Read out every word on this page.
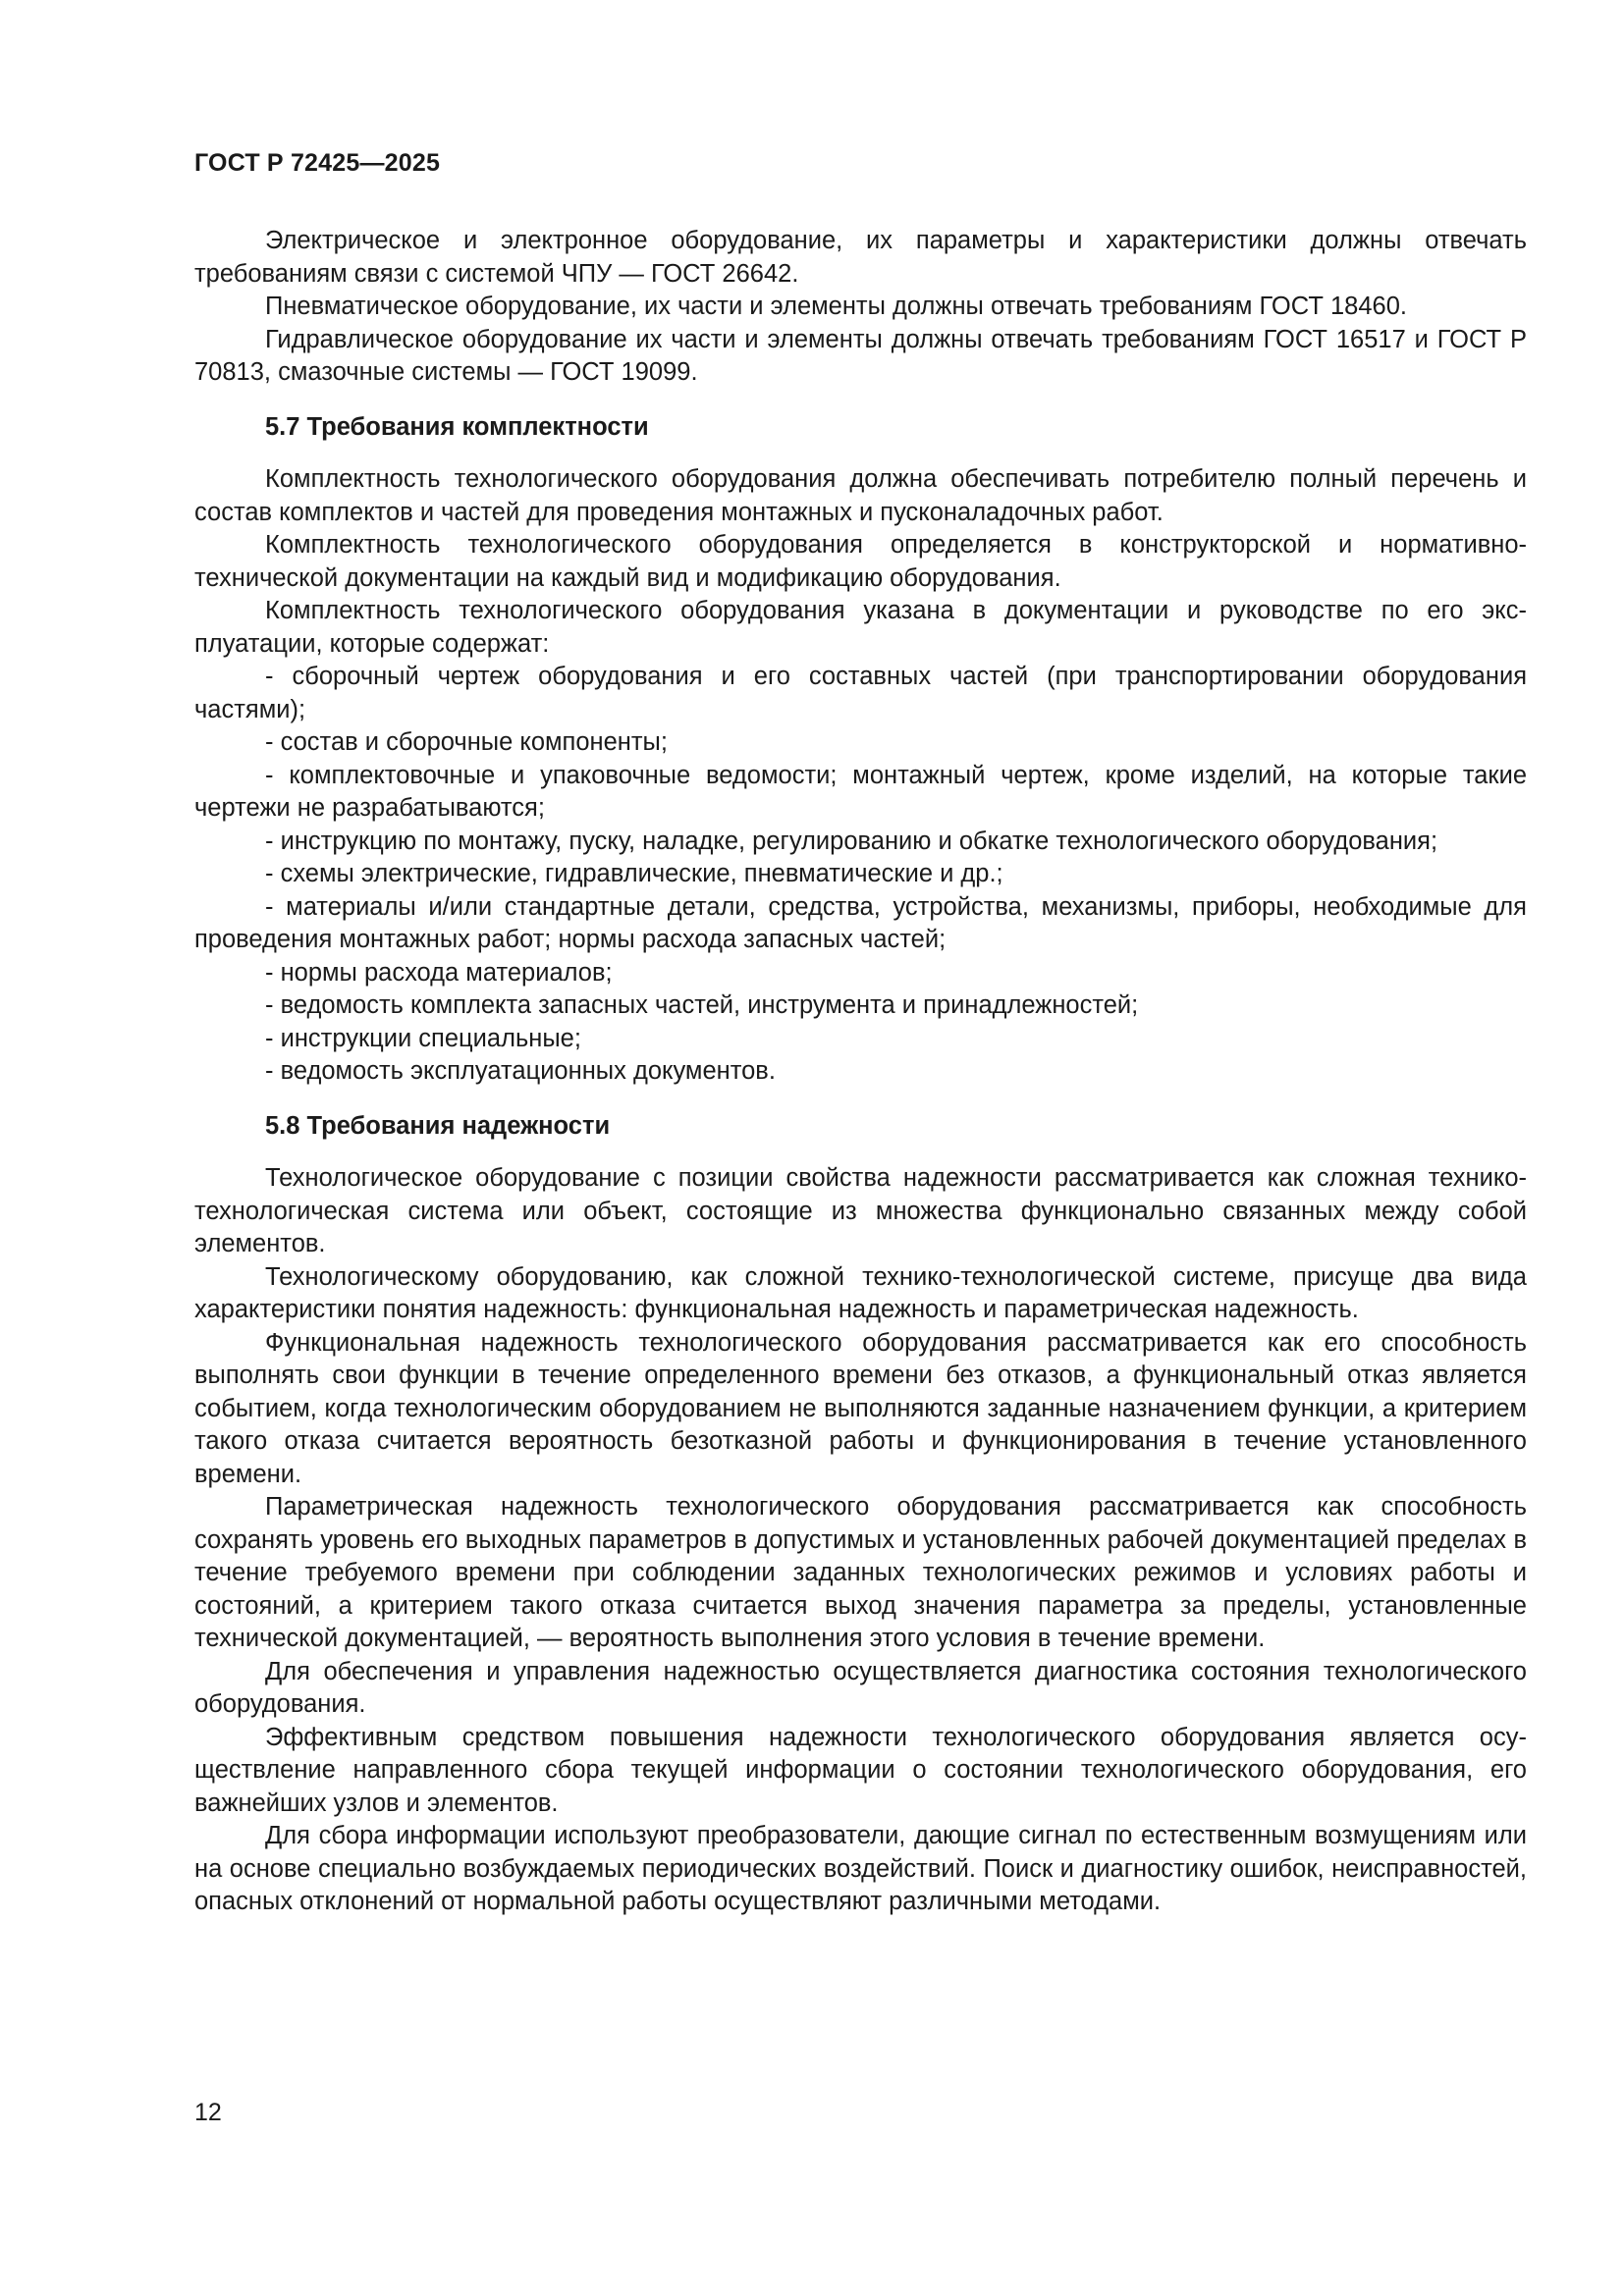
ГОСТ Р 72425—2025

Электрическое и электронное оборудование, их параметры и характеристики должны отвечать требованиям связи с системой ЧПУ — ГОСТ 26642.

Пневматическое оборудование, их части и элементы должны отвечать требованиям ГОСТ 18460.

Гидравлическое оборудование их части и элементы должны отвечать требованиям ГОСТ 16517 и ГОСТ Р 70813, смазочные системы — ГОСТ 19099.

5.7 Требования комплектности

Комплектность технологического оборудования должна обеспечивать потребителю полный перечень и состав комплектов и частей для проведения монтажных и пусконаладочных работ.

Комплектность технологического оборудования определяется в конструкторской и нормативно-технической документации на каждый вид и модификацию оборудования.

Комплектность технологического оборудования указана в документации и руководстве по его эксплуатации, которые содержат:

- сборочный чертеж оборудования и его составных частей (при транспортировании оборудования частями);
- состав и сборочные компоненты;
- комплектовочные и упаковочные ведомости; монтажный чертеж, кроме изделий, на которые такие чертежи не разрабатываются;
- инструкцию по монтажу, пуску, наладке, регулированию и обкатке технологического оборудования;
- схемы электрические, гидравлические, пневматические и др.;
- материалы и/или стандартные детали, средства, устройства, механизмы, приборы, необходимые для проведения монтажных работ; нормы расхода запасных частей;
- нормы расхода материалов;
- ведомость комплекта запасных частей, инструмента и принадлежностей;
- инструкции специальные;
- ведомость эксплуатационных документов.
5.8 Требования надежности

Технологическое оборудование с позиции свойства надежности рассматривается как сложная технико-технологическая система или объект, состоящие из множества функционально связанных между собой элементов.

Технологическому оборудованию, как сложной технико-технологической системе, присуще два вида характеристики понятия надежность: функциональная надежность и параметрическая надежность.

Функциональная надежность технологического оборудования рассматривается как его способность выполнять свои функции в течение определенного времени без отказов, а функциональный отказ является событием, когда технологическим оборудованием не выполняются заданные назначением функции, а критерием такого отказа считается вероятность безотказной работы и функционирования в течение установленного времени.

Параметрическая надежность технологического оборудования рассматривается как способность сохранять уровень его выходных параметров в допустимых и установленных рабочей документацией пределах в течение требуемого времени при соблюдении заданных технологических режимов и условиях работы и состояний, а критерием такого отказа считается выход значения параметра за пределы, установленные технической документацией, — вероятность выполнения этого условия в течение времени.

Для обеспечения и управления надежностью осуществляется диагностика состояния технологического оборудования.

Эффективным средством повышения надежности технологического оборудования является осуществление направленного сбора текущей информации о состоянии технологического оборудования, его важнейших узлов и элементов.

Для сбора информации используют преобразователи, дающие сигнал по естественным возмущениям или на основе специально возбуждаемых периодических воздействий. Поиск и диагностику ошибок, неисправностей, опасных отклонений от нормальной работы осуществляют различными методами.

12
